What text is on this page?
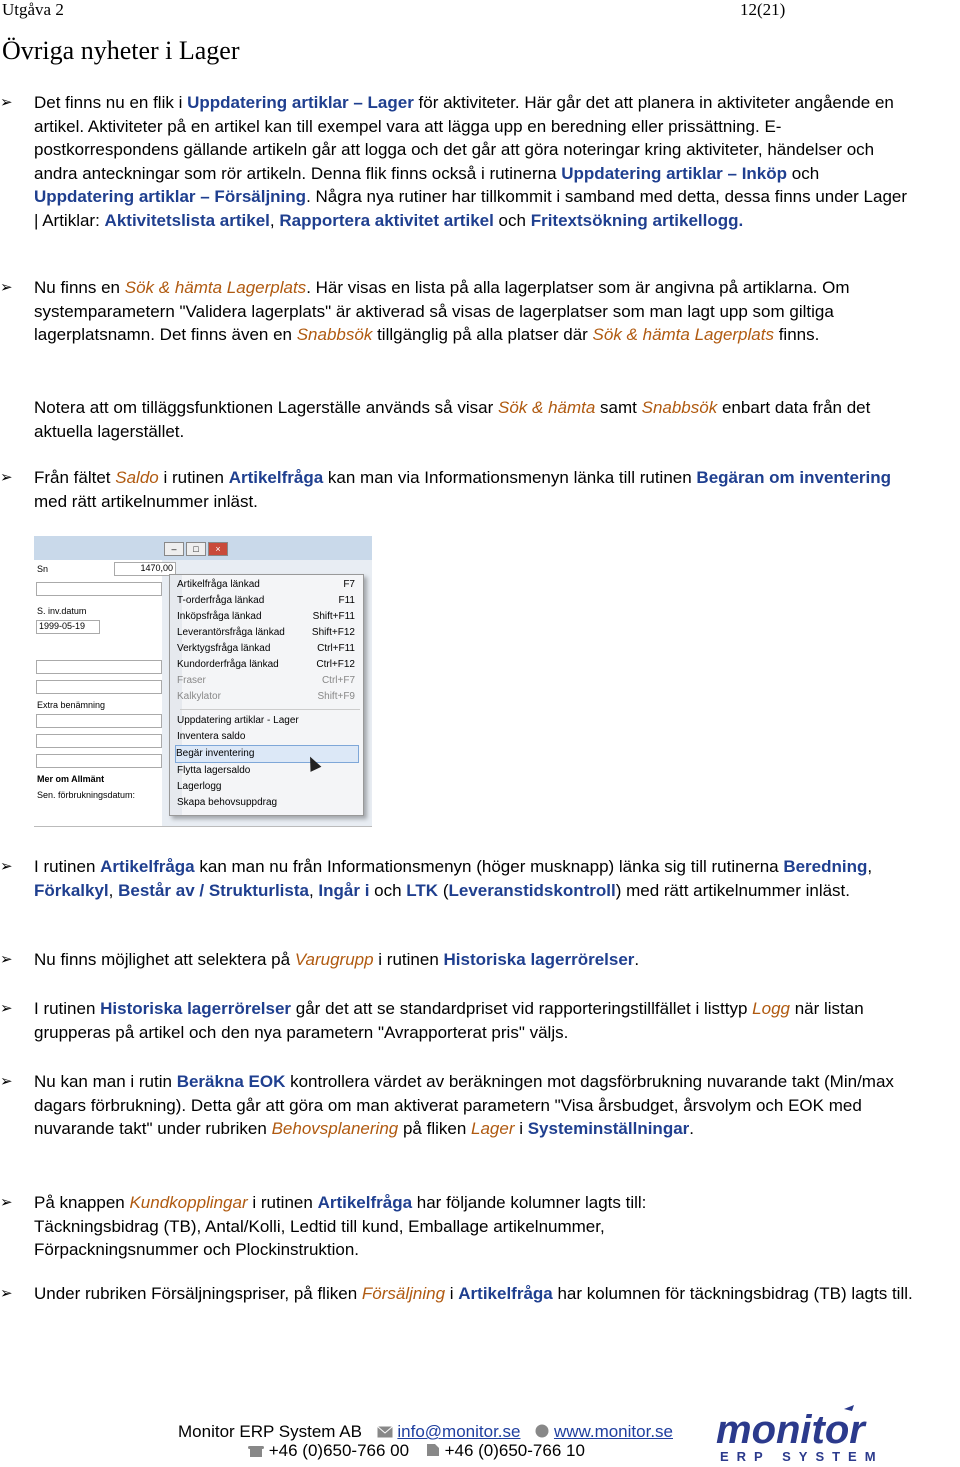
Utgåva 2	12(21)
Övriga nyheter i Lager

➢ Det finns nu en flik i Uppdatering artiklar – Lager för aktiviteter. Här går det att planera in aktiviteter angående en artikel. Aktiviteter på en artikel kan till exempel vara att lägga upp en beredning eller prissättning. E-postkorrespondens gällande artikeln går att logga och det går att göra noteringar kring aktiviteter, händelser och andra anteckningar som rör artikeln. Denna flik finns också i rutinerna Uppdatering artiklar – Inköp och Uppdatering artiklar – Försäljning. Några nya rutiner har tillkommit i samband med detta, dessa finns under Lager | Artiklar: Aktivitetslista artikel, Rapportera aktivitet artikel och Fritextsökning artikellogg.

➢ Nu finns en Sök & hämta Lagerplats. Här visas en lista på alla lagerplatser som är angivna på artiklarna. Om systemparametern "Validera lagerplats" är aktiverad så visas de lagerplatser som man lagt upp som giltiga lagerplatsnamn. Det finns även en Snabbsök tillgänglig på alla platser där Sök & hämta Lagerplats finns.

Notera att om tilläggsfunktionen Lagerställe används så visar Sök & hämta samt Snabbsök enbart data från det aktuella lagerstället.

➢ Från fältet Saldo i rutinen Artikelfråga kan man via Informationsmenyn länka till rutinen Begäran om inventering med rätt artikelnummer inläst.

–	□	×
Sn
S. inv.datum
1999-05-19
Extra benämning
Mer om Allmänt
Sen. förbrukningsdatum:
1470,00
Artikelfråga länkad	F7
T-orderfråga länkad	F11
Inköpsfråga länkad	Shift+F11
Leverantörsfråga länkad	Shift+F12
Verktygsfråga länkad	Ctrl+F11
Kundorderfråga länkad	Ctrl+F12
Fraser	Ctrl+F7
Kalkylator	Shift+F9
Uppdatering artiklar - Lager
Inventera saldo
Begär inventering
Flytta lagersaldo
Lagerlogg
Skapa behovsuppdrag

➢ I rutinen Artikelfråga kan man nu från Informationsmenyn (höger musknapp) länka sig till rutinerna Beredning, Förkalkyl, Består av / Strukturlista, Ingår i och LTK (Leveranstidskontroll) med rätt artikelnummer inläst.

➢ Nu finns möjlighet att selektera på Varugrupp i rutinen Historiska lagerrörelser.

➢ I rutinen Historiska lagerrörelser går det att se standardpriset vid rapporteringstillfället i listtyp Logg när listan grupperas på artikel och den nya parametern "Avrapporterat pris" väljs.

➢ Nu kan man i rutin Beräkna EOK kontrollera värdet av beräkningen mot dagsförbrukning nuvarande takt (Min/max dagars förbrukning). Detta går att göra om man aktiverat parametern "Visa årsbudget, årsvolym och EOK med nuvarande takt" under rubriken Behovsplanering på fliken Lager i Systeminställningar.

➢ På knappen Kundkopplingar i rutinen Artikelfråga har följande kolumner lagts till:
Täckningsbidrag (TB), Antal/Kolli, Ledtid till kund, Emballage artikelnummer,
Förpackningsnummer och Plockinstruktion.

➢ Under rubriken Försäljningspriser, på fliken Försäljning i Artikelfråga har kolumnen för täckningsbidrag (TB) lagts till.

Monitor ERP System AB info@monitor.se www.monitor.se
+46 (0)650-766 00 +46 (0)650-766 10	monitor
ERP SYSTEM
